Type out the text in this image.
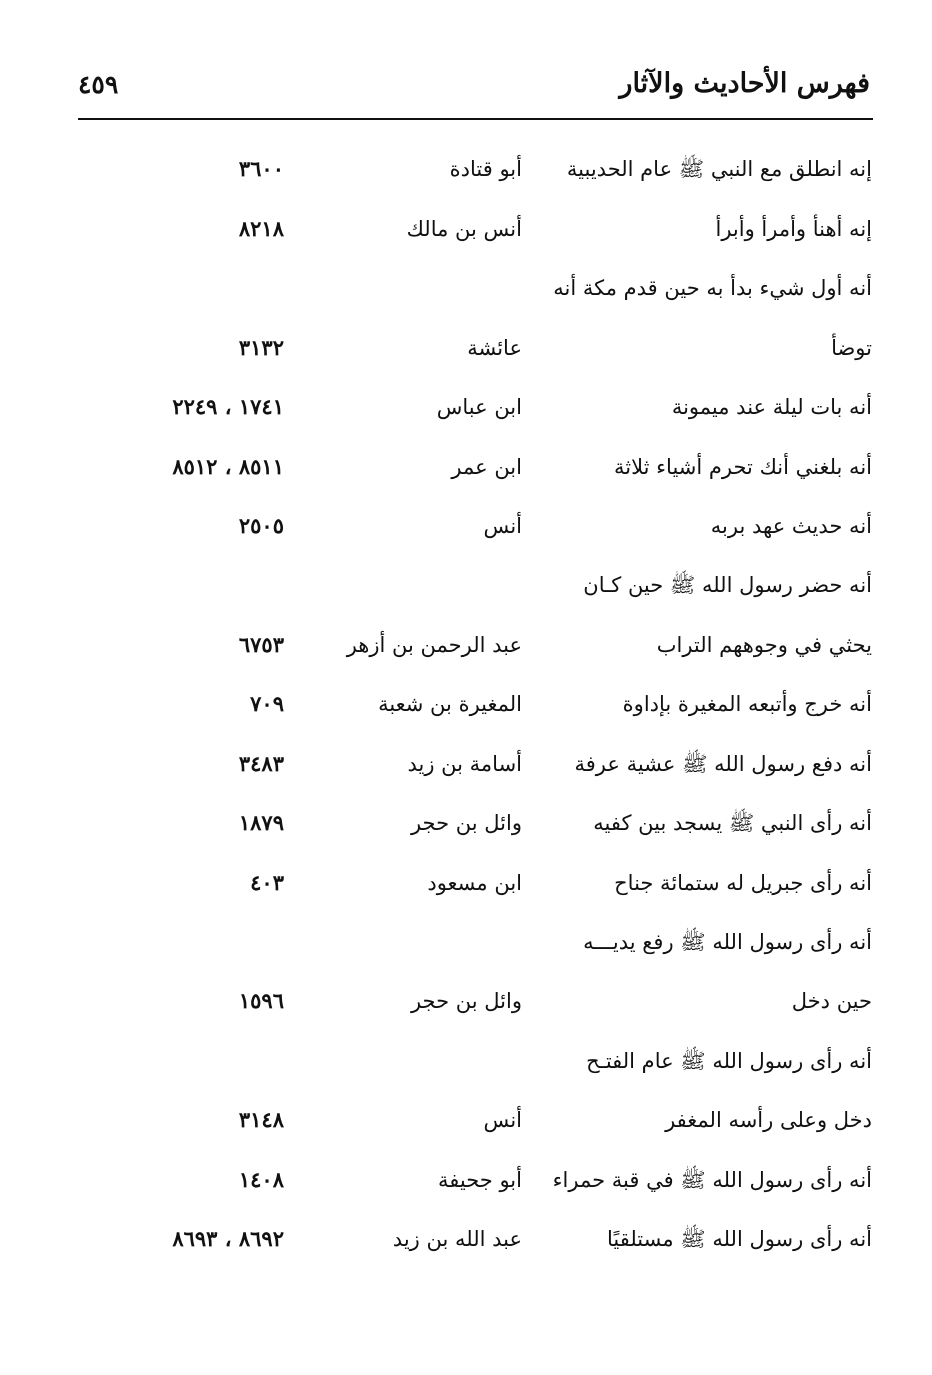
فهرس الأحاديث والآثار
٤٥٩
إنه انطلق مع النبي ﷺ عام الحديبية
أبو قتادة
٣٦٠٠
إنه أهنأ وأمرأ وأبرأ
أنس بن مالك
٨٢١٨
أنه أول شيء بدأ به حين قدم مكة أنه
توضأ
عائشة
٣١٣٢
أنه بات ليلة عند ميمونة
ابن عباس
١٧٤١ ، ٢٢٤٩
أنه بلغني أنك تحرم أشياء ثلاثة
ابن عمر
٨٥١١ ، ٨٥١٢
أنه حديث عهد بربه
أنس
٢٥٠٥
أنه حضر رسول الله ﷺ حين كـان
يحثي في وجوههم التراب
عبد الرحمن بن أزهر
٦٧٥٣
أنه خرج وأتبعه المغيرة بإداوة
المغيرة بن شعبة
٧٠٩
أنه دفع رسول الله ﷺ عشية عرفة
أسامة بن زيد
٣٤٨٣
أنه رأى النبي ﷺ يسجد بين كفيه
وائل بن حجر
١٨٧٩
أنه رأى جبريل له ستمائة جناح
ابن مسعود
٤٠٣
أنه رأى رسول الله ﷺ رفع يديـــه
حين دخل
وائل بن حجر
١٥٩٦
أنه رأى رسول الله ﷺ عام الفتـح
دخل وعلى رأسه المغفر
أنس
٣١٤٨
أنه رأى رسول الله ﷺ في قبة حمراء
أبو جحيفة
١٤٠٨
أنه رأى رسول الله ﷺ مستلقيًا
عبد الله بن زيد
٨٦٩٢ ، ٨٦٩٣
